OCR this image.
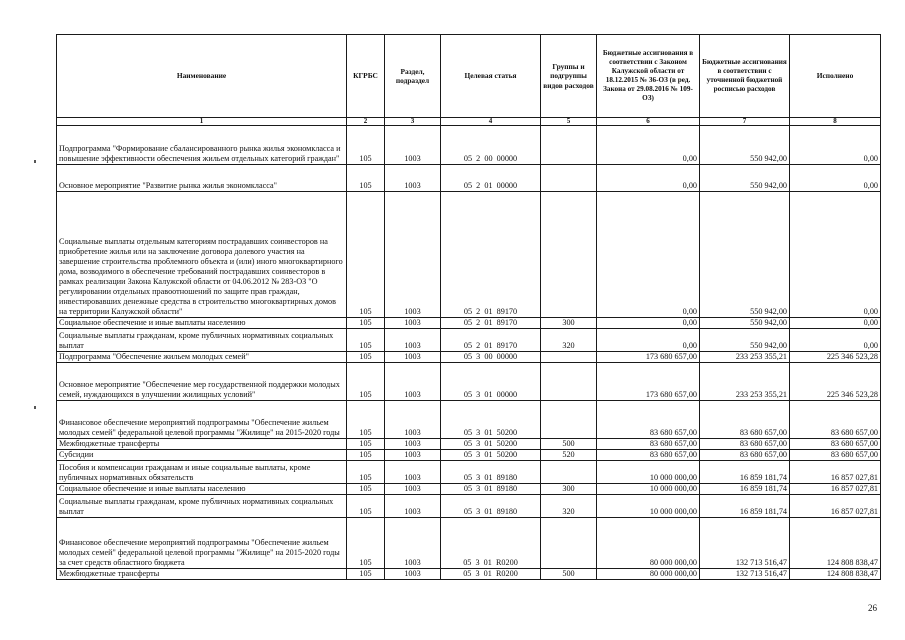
Наименование	КГРБС	Раздел, подраздел	Целевая статья	Группы и подгруппы видов расходов	Бюджетные ассигнования в соответствии с Законом Калужской области от 18.12.2015 № 36-ОЗ (в ред. Закона от 29.08.2016 № 109-ОЗ)	Бюджетные ассигнования в соответствии с уточненной бюджетной росписью расходов	Исполнено
1	2	3	4	5	6	7	8
Подпрограмма "Формирование сбалансированного рынка жилья экономкласса и повышение эффективности обеспечения жильем отдельных категорий граждан"	105	1003	05  2  00  00000		0,00	550 942,00	0,00
Основное мероприятие "Развитие рынка жилья экономкласса"	105	1003	05  2  01  00000		0,00	550 942,00	0,00
Социальные выплаты отдельным категориям пострадавших соинвесторов на приобретение жилья или на заключение договора долевого участия на завершение строительства проблемного объекта и (или) иного многоквартирного дома, возводимого в обеспечение требований пострадавших соинвесторов в рамках реализации Закона Калужской области от 04.06.2012 № 283-ОЗ "О регулировании отдельных правоотношений по защите прав граждан, инвестировавших денежные средства в строительство многоквартирных домов на территории Калужской области"	105	1003	05  2  01  89170		0,00	550 942,00	0,00
Социальное обеспечение и иные выплаты населению	105	1003	05  2  01  89170	300	0,00	550 942,00	0,00
Социальные выплаты гражданам, кроме публичных нормативных социальных выплат	105	1003	05  2  01  89170	320	0,00	550 942,00	0,00
Подпрограмма "Обеспечение жильем молодых семей"	105	1003	05  3  00  00000		173 680 657,00	233 253 355,21	225 346 523,28
Основное мероприятие "Обеспечение мер государственной поддержки молодых семей, нуждающихся в улучшении жилищных условий"	105	1003	05  3  01  00000		173 680 657,00	233 253 355,21	225 346 523,28
Финансовое обеспечение мероприятий подпрограммы "Обеспечение жильем молодых семей" федеральной целевой программы "Жилище" на 2015-2020 годы	105	1003	05  3  01  50200		83 680 657,00	83 680 657,00	83 680 657,00
Межбюджетные трансферты	105	1003	05  3  01  50200	500	83 680 657,00	83 680 657,00	83 680 657,00
Субсидии	105	1003	05  3  01  50200	520	83 680 657,00	83 680 657,00	83 680 657,00
Пособия и компенсации гражданам и иные социальные выплаты, кроме публичных нормативных обязательств	105	1003	05  3  01  89180		10 000 000,00	16 859 181,74	16 857 027,81
Социальное обеспечение и иные выплаты населению	105	1003	05  3  01  89180	300	10 000 000,00	16 859 181,74	16 857 027,81
Социальные выплаты гражданам, кроме публичных нормативных социальных выплат	105	1003	05  3  01  89180	320	10 000 000,00	16 859 181,74	16 857 027,81
Финансовое обеспечение мероприятий подпрограммы "Обеспечение жильем молодых семей" федеральной целевой программы "Жилище" на 2015-2020 годы за счет средств областного бюджета	105	1003	05  3  01  R0200		80 000 000,00	132 713 516,47	124 808 838,47
Межбюджетные трансферты	105	1003	05  3  01  R0200	500	80 000 000,00	132 713 516,47	124 808 838,47
26
